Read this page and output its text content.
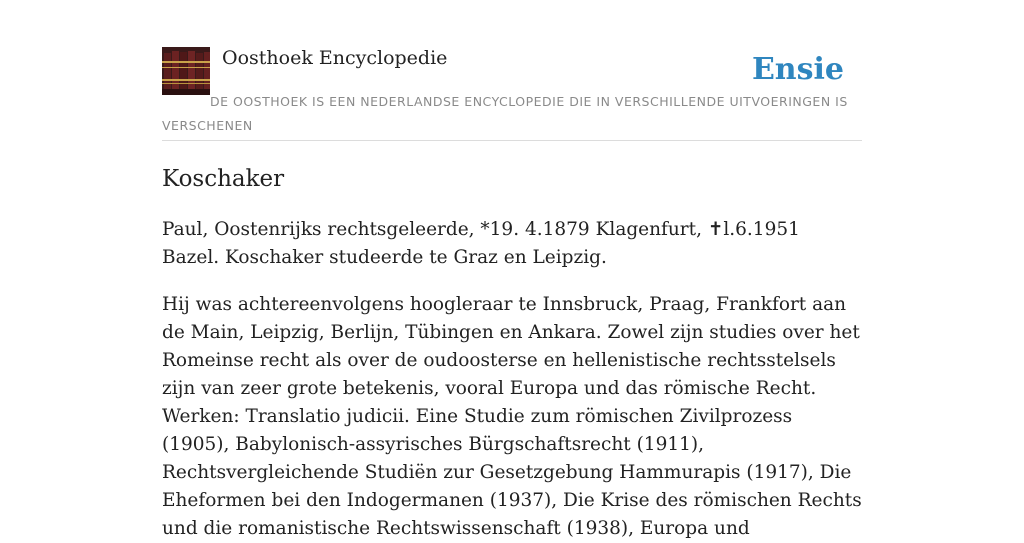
Oosthoek Encyclopedie	Ensie
DE OOSTHOEK IS EEN NEDERLANDSE ENCYCLOPEDIE DIE IN VERSCHILLENDE UITVOERINGEN IS VERSCHENEN
Koschaker

Paul, Oostenrijks rechtsgeleerde, *19. 4.1879 Klagenfurt, ✝l.6.1951 Bazel. Koschaker studeerde te Graz en Leipzig.

Hij was achtereenvolgens hoogleraar te Innsbruck, Praag, Frankfort aan de Main, Leipzig, Berlijn, Tübingen en Ankara. Zowel zijn studies over het Romeinse recht als over de oudoosterse en hellenistische rechtsstelsels zijn van zeer grote betekenis, vooral Europa und das römische Recht. Werken: Translatio judicii. Eine Studie zum römischen Zivilprozess (1905), Babylonisch-assyrisches Bürgschaftsrecht (1911), Rechtsvergleichende Studiën zur Gesetzgebung Hammurapis (1917), Die Eheformen bei den Indogermanen (1937), Die Krise des römischen Rechts und die romanistische Rechtswissenschaft (1938), Europa und
